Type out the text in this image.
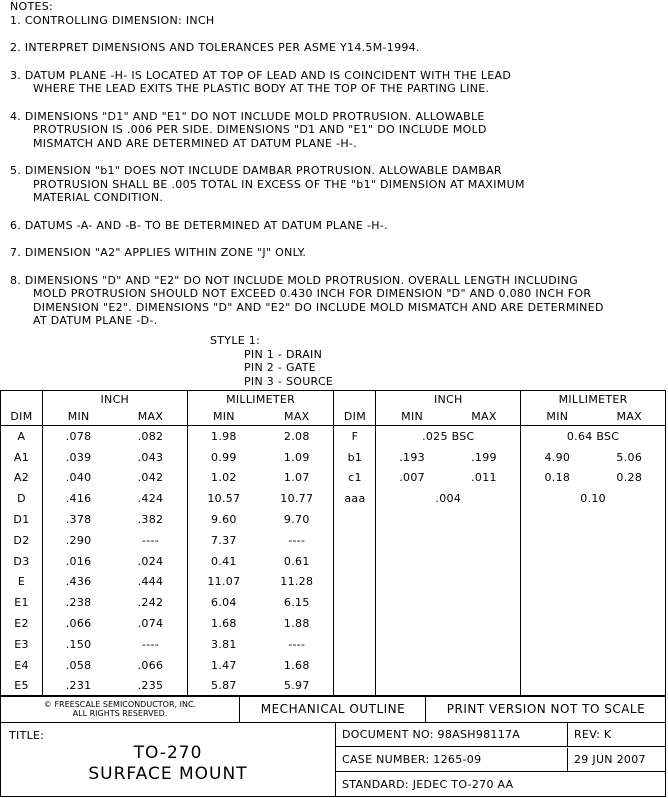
NOTES:
1. CONTROLLING DIMENSION: INCH
2. INTERPRET DIMENSIONS AND TOLERANCES PER ASME Y14.5M-1994.
3. DATUM PLANE -H- IS LOCATED AT TOP OF LEAD AND IS COINCIDENT WITH THE LEAD
WHERE THE LEAD EXITS THE PLASTIC BODY AT THE TOP OF THE PARTING LINE.
4. DIMENSIONS "D1" AND "E1" DO NOT INCLUDE MOLD PROTRUSION. ALLOWABLE
PROTRUSION IS .006 PER SIDE. DIMENSIONS "D1 AND "E1" DO INCLUDE MOLD
MISMATCH AND ARE DETERMINED AT DATUM PLANE -H-.
5. DIMENSION "b1" DOES NOT INCLUDE DAMBAR PROTRUSION. ALLOWABLE DAMBAR
PROTRUSION SHALL BE .005 TOTAL IN EXCESS OF THE "b1" DIMENSION AT MAXIMUM
MATERIAL CONDITION.
6. DATUMS -A- AND -B- TO BE DETERMINED AT DATUM PLANE -H-.
7. DIMENSION "A2" APPLIES WITHIN ZONE "J" ONLY.
8. DIMENSIONS "D" AND "E2" DO NOT INCLUDE MOLD PROTRUSION. OVERALL LENGTH INCLUDING
MOLD PROTRUSION SHOULD NOT EXCEED 0.430 INCH FOR DIMENSION "D" AND 0.080 INCH FOR
DIMENSION "E2". DIMENSIONS "D" AND "E2" DO INCLUDE MOLD MISMATCH AND ARE DETERMINED
AT DATUM PLANE -D-.
STYLE 1:
PIN 1 - DRAIN
PIN 2 - GATE
PIN 3 - SOURCE
	INCH		MILLIMETER			INCH		MILLIMETER	
DIM	MIN	MAX	MIN	MAX	DIM	MIN	MAX	MIN	MAX
A	.078	.082	1.98	2.08	F	.025 BSC		0.64 BSC	
A1	.039	.043	0.99	1.09	b1	.193	.199	4.90	5.06
A2	.040	.042	1.02	1.07	c1	.007	.011	0.18	0.28
D	.416	.424	10.57	10.77	aaa	.004		0.10	
D1	.378	.382	9.60	9.70					
D2	.290	----	7.37	----					
D3	.016	.024	0.41	0.61					
E	.436	.444	11.07	11.28					
E1	.238	.242	6.04	6.15					
E2	.066	.074	1.68	1.88					
E3	.150	----	3.81	----					
E4	.058	.066	1.47	1.68					
E5	.231	.235	5.87	5.97					
© FREESCALE SEMICONDUCTOR, INC.
ALL RIGHTS RESERVED.	MECHANICAL OUTLINE	PRINT VERSION NOT TO SCALE
TITLE:
TO-270
SURFACE MOUNT
DOCUMENT NO: 98ASH98117A	REV: K
CASE NUMBER: 1265-09	29 JUN 2007
STANDARD: JEDEC TO-270 AA
